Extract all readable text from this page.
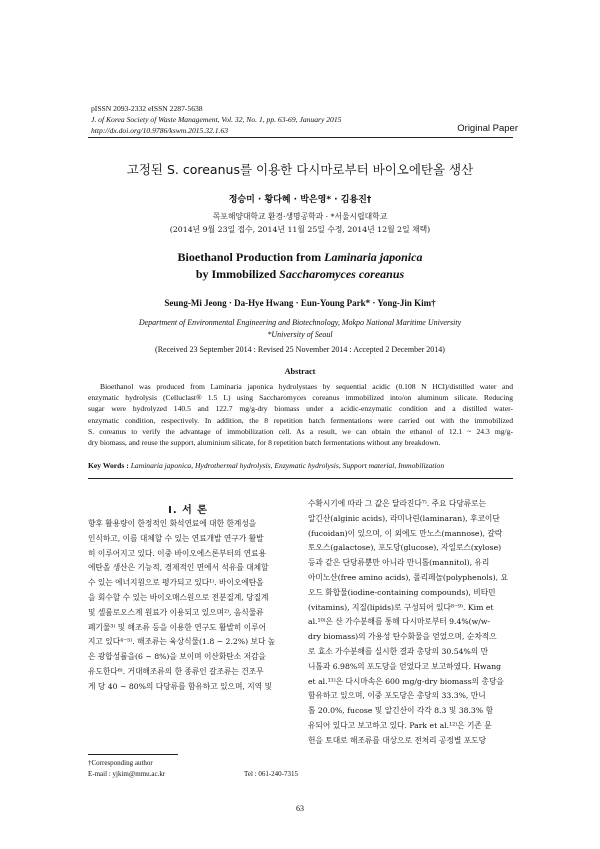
pISSN 2093-2332 eISSN 2287-5638
J. of Korea Society of Waste Management, Vol. 32, No. 1, pp. 63-69, January 2015
http://dx.doi.org/10.9786/kswm.2015.32.1.63	Original Paper
고정된 S. coreanus를 이용한 다시마로부터 바이오에탄올 생산
정승미 · 황다혜 · 박은영* · 김용진†
목포해양대학교 환경·생명공학과 · *서울시립대학교
(2014년 9월 23일 접수, 2014년 11월 25일 수정, 2014년 12월 2일 채택)
Bioethanol Production from Laminaria japonica
by Immobilized Saccharomyces coreanus
Seung-Mi Jeong · Da-Hye Hwang · Eun-Young Park* · Yong-Jin Kim†
Department of Environmental Engineering and Biotechnology, Mokpo National Maritime University
*University of Seoul
(Received 23 September 2014 : Revised 25 November 2014 : Accepted 2 December 2014)
Abstract
Bioethanol was produced from Laminaria japonica hydrolystaes by sequential acidic (0.108 N HCl)/distilled water and
enzymatic hydrolysis (Celluclast® 1.5 L) using Saccharomyces coreanus immobilized into/on aluminum silicate. Reducing
sugar were hydrolyzed 140.5 and 122.7 mg/g-dry biomass under a acidic-enzymatic condition and a distilled water-
enzymatic condition, respectively. In addition, the 8 repetition batch fermentations were carried out with the immobilized
S. coreanus to verify the advantage of immobilization cell. As a result, we can obtain the ethanol of 12.1 ~ 24.3 mg/g-
dry biomass, and reuse the support, aluminium silicate, for 8 repetition batch fermentations without any breakdown.
Key Words : Laminaria japonica, Hydrothermal hydrolysis, Enzymatic hydrolysis, Support material, Immobilization
I. 서 론
향후 활용량이 한정적인 화석연료에 대한 한계성을
인식하고, 이를 대체할 수 있는 연료개발 연구가 활발
히 이루어지고 있다. 이중 바이오에스론부터의 연료용
에탄올 생산은 기능적, 경제적인 면에서 석유를 대체할
수 있는 에너지원으로 평가되고 있다¹⁾. 바이오에탄올
을 회수할 수 있는 바이오매스원으로 전분질계, 당질계
및 셀룰로오스계 원료가 이용되고 있으며²⁾, 음식물류
폐기물³⁾ 및 해조류 등을 이용한 연구도 활발히 이루어
지고 있다⁴⁻⁵⁾. 해조류는 육상식물(1.8 ~ 2.2%) 보다 높
은 광합성률을(6 ~ 8%)을 보이며 이산화탄소 저감을
유도한다⁶⁾. 거대해조류의 한 종류인 갈조류는 건조무
게 당 40 ~ 80%의 다당류를 함유하고 있으며, 지역 및
수확시기에 따라 그 값은 달라진다⁷⁾. 주요 다당류로는
알긴산(alginic acids), 라미나린(laminaran), 후코이단
(fucoidan)이 있으며, 이 외에도 만노스(mannose), 갈락
토오스(galactose), 포도당(glucose), 자일로스(xylose)
등과 같은 단당류뿐만 아니라 만니톨(mannitol), 유리
아미노산(free amino acids), 폴리페놀(polyphenols), 요
오드 화합물(iodine-containing compounds), 비타민
(vitamins), 지질(lipids)로 구성되어 있다⁸⁻⁹⁾. Kim et
al.¹⁰⁾은 산 가수분해를 통해 다시마로부터 9.4%(w/w-
dry biomass)의 가용성 탄수화물을 얻었으며, 순차적으
로 효소 가수분해를 실시한 결과 총당의 30.54%의 만
니톨과 6.98%의 포도당을 얻었다고 보고하였다. Hwang
et al.¹¹⁾은 다시마속은 600 mg/g-dry biomass의 총당을
함유하고 있으며, 이중 포도당은 총당의 33.3%, 만니
톨 20.0%, fucose 및 알긴산이 각각 8.3 및 38.3% 함
유되어 있다고 보고하고 있다. Park et al.¹²⁾은 기존 문
헌을 토대로 해조류를 대상으로 전처리 공정별 포도당
†Corresponding author
E-mail : yjkim@mmu.ac.kr	Tel : 061-240-7315
63
